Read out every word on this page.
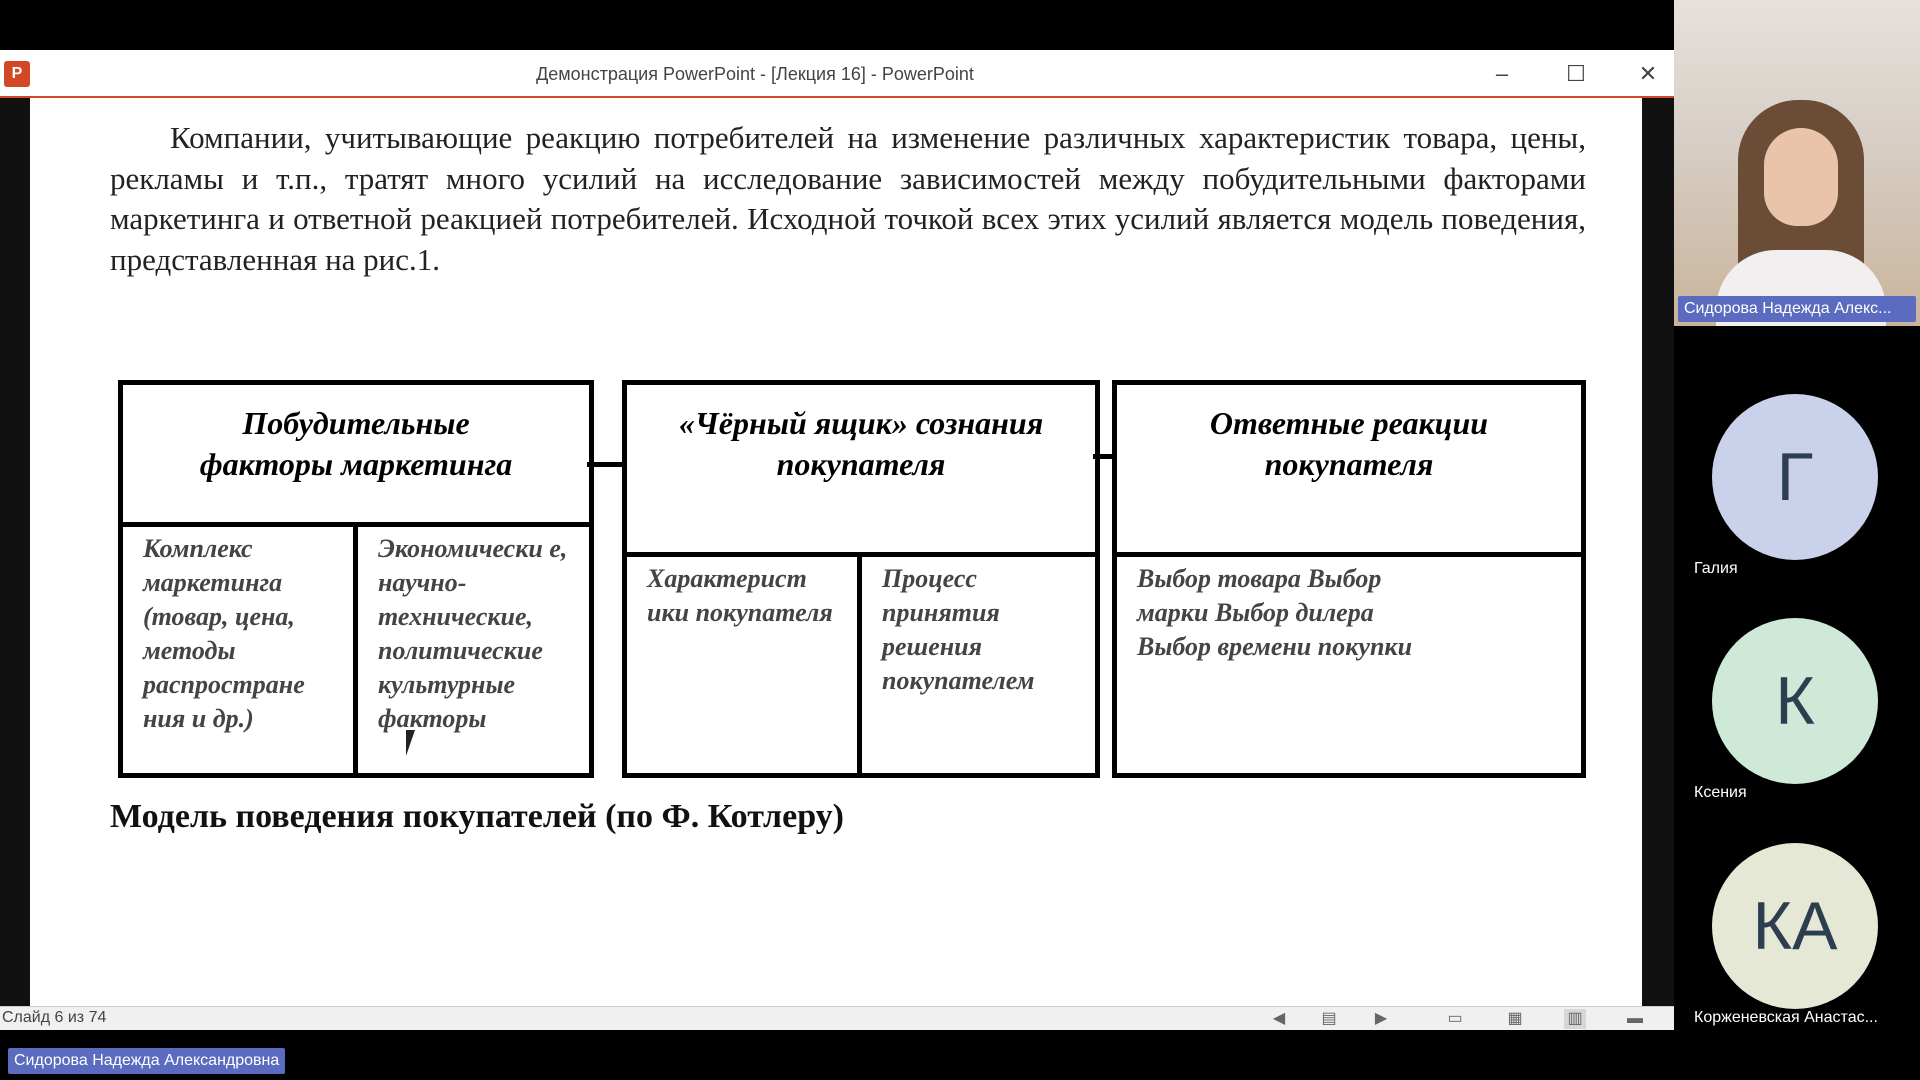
P	Демонстрация PowerPoint - [Лекция 16] - PowerPoint	–	☐	✕
Компании, учитывающие реакцию потребителей на изменение различных характеристик товара, цены, рекламы и т.п., тратят много усилий на исследование зависимостей между побудительными факторами маркетинга и ответной реакцией потребителей. Исходной точкой всех этих усилий является модель поведения, представленная на рис.1.
Побудительные факторы маркетинга
Комплекс маркетинга (товар, цена, методы распростране ния и др.)
Экономически е, научно-технические, политические культурные факторы
«Чёрный ящик» сознания покупателя
Характерист ики покупателя
Процесс принятия решения покупателем
Ответные реакции покупателя
Выбор товара Выбор марки Выбор дилера Выбор времени покупки
Модель поведения покупателей (по Ф. Котлеру)
Слайд 6 из 74	◀	▤	▶	▭	▦	▥	▬
Сидорова Надежда Александровна
Сидорова Надежда Алекс...
Г
Галия
К
Ксения
КА
Корженевская Анастас...
